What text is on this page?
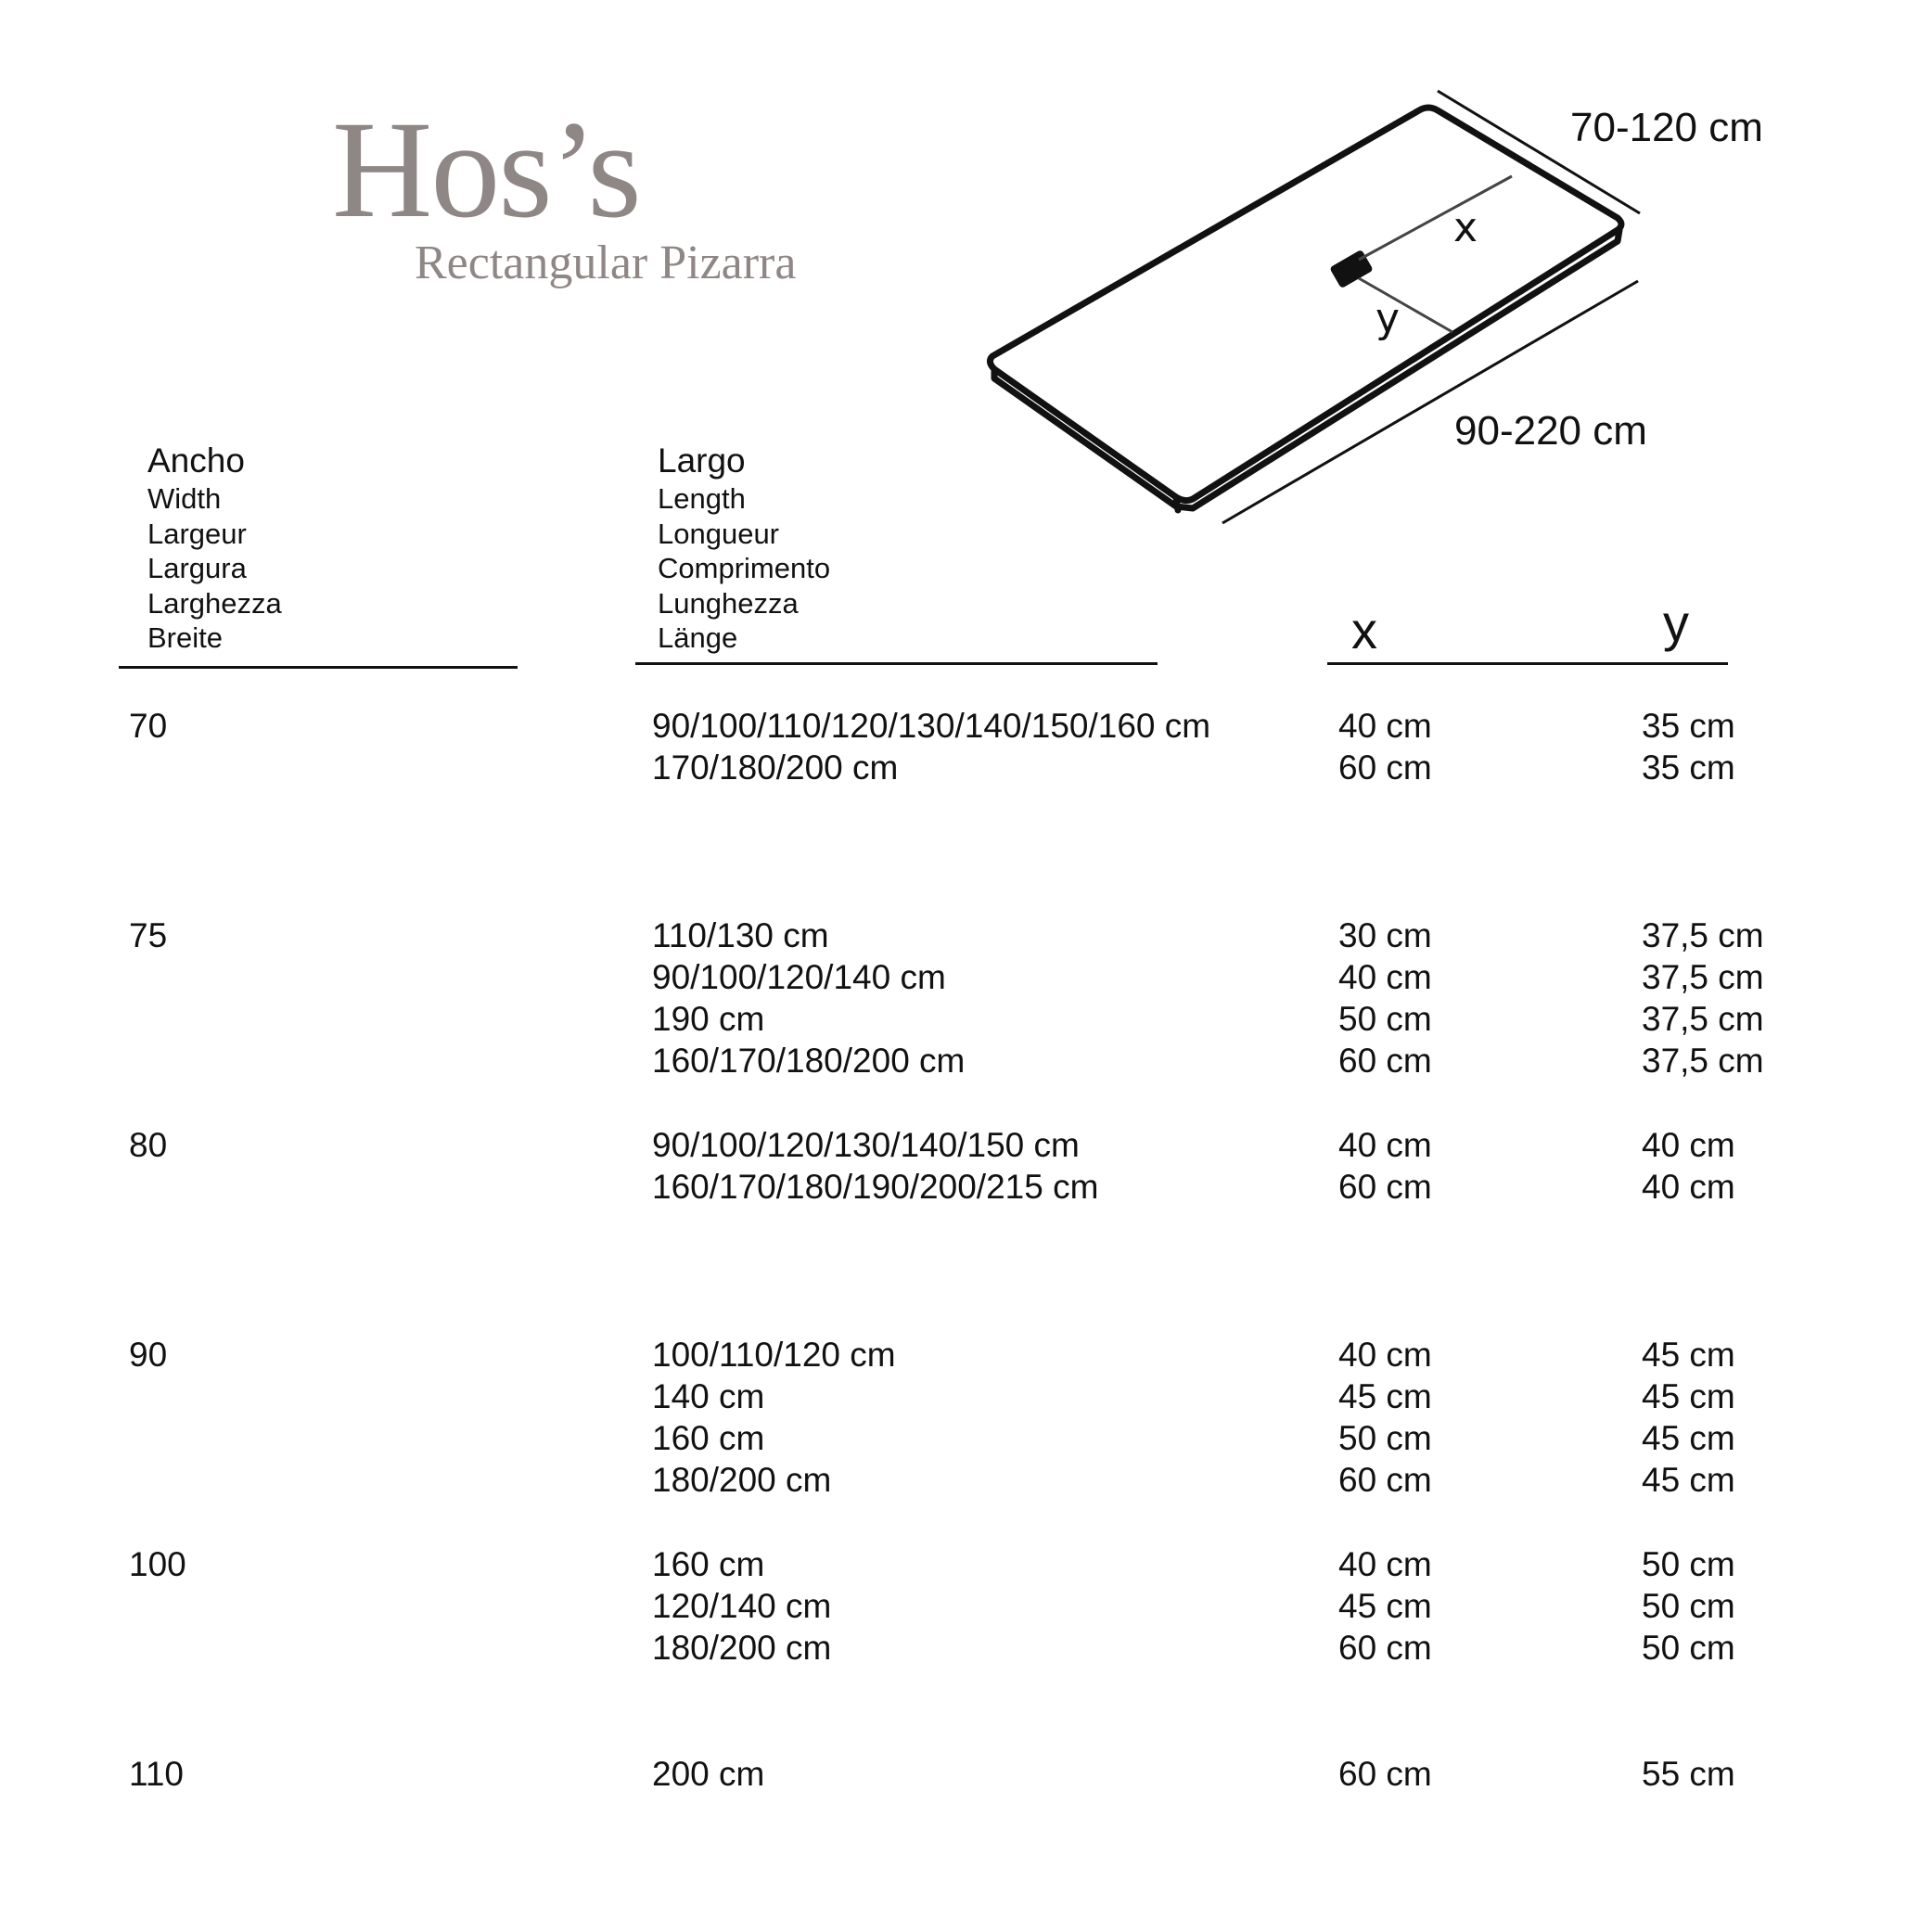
Hos’s
Rectangular Pizarra
x
y
70-120 cm
90-220 cm
Ancho
Width
Largeur
Largura
Larghezza
Breite
Largo
Length
Longueur
Comprimento
Lunghezza
Länge	x	y
70	90/100/110/120/130/140/150/160 cm	40 cm	35 cm
170/180/200 cm	60 cm	35 cm
75	110/130 cm	30 cm	37,5 cm
90/100/120/140 cm	40 cm	37,5 cm
190 cm	50 cm	37,5 cm
160/170/180/200 cm	60 cm	37,5 cm
80	90/100/120/130/140/150 cm	40 cm	40 cm
160/170/180/190/200/215 cm	60 cm	40 cm
90	100/110/120 cm	40 cm	45 cm
140 cm	45 cm	45 cm
160 cm	50 cm	45 cm
180/200 cm	60 cm	45 cm
100	160 cm	40 cm	50 cm
120/140 cm	45 cm	50 cm
180/200 cm	60 cm	50 cm
110	200 cm	60 cm	55 cm
